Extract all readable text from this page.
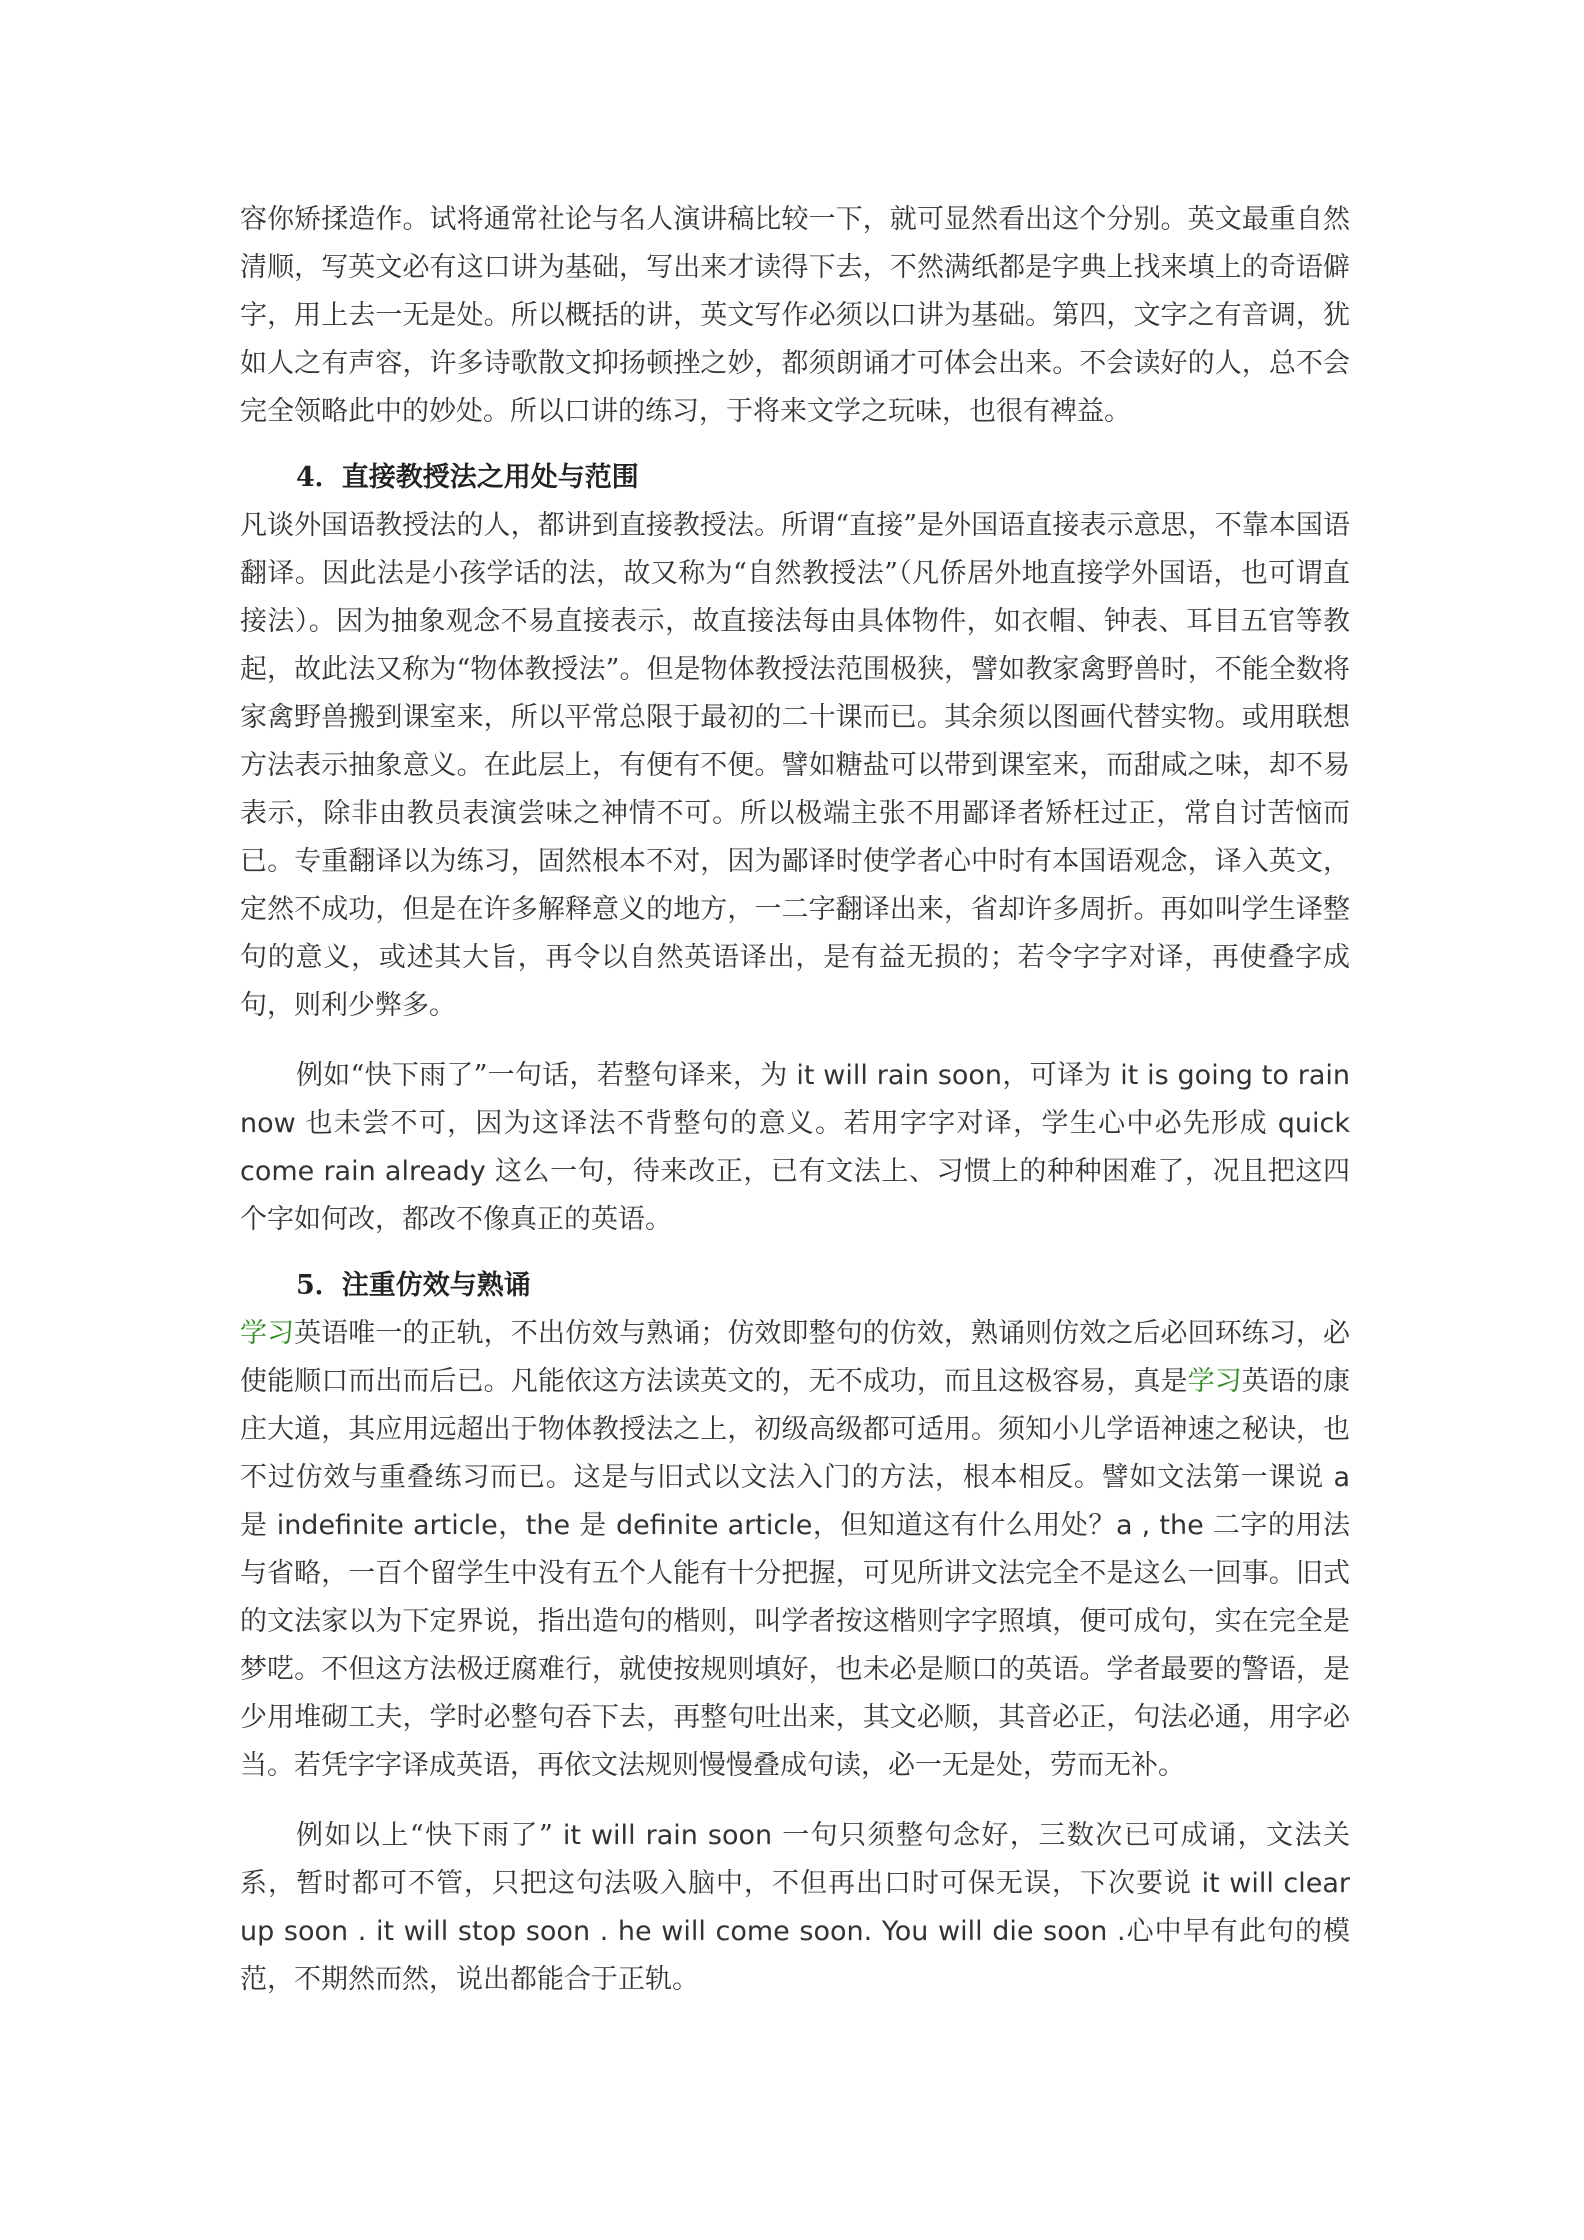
容你矫揉造作。试将通常社论与名人演讲稿比较一下，就可显然看出这个分别。英文最重自然清顺，写英文必有这口讲为基础，写出来才读得下去，不然满纸都是字典上找来填上的奇语僻字，用上去一无是处。所以概括的讲，英文写作必须以口讲为基础。第四，文字之有音调，犹如人之有声容，许多诗歌散文抑扬顿挫之妙，都须朗诵才可体会出来。不会读好的人，总不会完全领略此中的妙处。所以口讲的练习，于将来文学之玩味，也很有裨益。

4．直接教授法之用处与范围

凡谈外国语教授法的人，都讲到直接教授法。所谓“直接”是外国语直接表示意思，不靠本国语翻译。因此法是小孩学话的法，故又称为“自然教授法”（凡侨居外地直接学外国语，也可谓直接法）。因为抽象观念不易直接表示，故直接法每由具体物件，如衣帽、钟表、耳目五官等教起，故此法又称为“物体教授法”。但是物体教授法范围极狭，譬如教家禽野兽时，不能全数将家禽野兽搬到课室来，所以平常总限于最初的二十课而已。其余须以图画代替实物。或用联想方法表示抽象意义。在此层上，有便有不便。譬如糖盐可以带到课室来，而甜咸之味，却不易表示，除非由教员表演尝味之神情不可。所以极端主张不用鄙译者矫枉过正，常自讨苦恼而已。专重翻译以为练习，固然根本不对，因为鄙译时使学者心中时有本国语观念，译入英文，定然不成功，但是在许多解释意义的地方，一二字翻译出来，省却许多周折。再如叫学生译整句的意义，或述其大旨，再令以自然英语译出，是有益无损的；若令字字对译，再使叠字成句，则利少弊多。

例如“快下雨了”一句话，若整句译来，为 it will rain soon，可译为 it is going to rain now 也未尝不可，因为这译法不背整句的意义。若用字字对译，学生心中必先形成 quick come rain already 这么一句，待来改正，已有文法上、习惯上的种种困难了，况且把这四个字如何改，都改不像真正的英语。

5．注重仿效与熟诵

学习英语唯一的正轨，不出仿效与熟诵；仿效即整句的仿效，熟诵则仿效之后必回环练习，必使能顺口而出而后已。凡能依这方法读英文的，无不成功，而且这极容易，真是学习英语的康庄大道，其应用远超出于物体教授法之上，初级高级都可适用。须知小儿学语神速之秘诀，也不过仿效与重叠练习而已。这是与旧式以文法入门的方法，根本相反。譬如文法第一课说 a 是 indefinite article，the 是 definite article，但知道这有什么用处？a , the 二字的用法与省略，一百个留学生中没有五个人能有十分把握，可见所讲文法完全不是这么一回事。旧式的文法家以为下定界说，指出造句的楷则，叫学者按这楷则字字照填，便可成句，实在完全是梦呓。不但这方法极迂腐难行，就使按规则填好，也未必是顺口的英语。学者最要的警语，是少用堆砌工夫，学时必整句吞下去，再整句吐出来，其文必顺，其音必正，句法必通，用字必当。若凭字字译成英语，再依文法规则慢慢叠成句读，必一无是处，劳而无补。

例如以上“快下雨了” it will rain soon 一句只须整句念好，三数次已可成诵，文法关系，暂时都可不管，只把这句法吸入脑中，不但再出口时可保无误，下次要说 it will clear up soon . it will stop soon . he will come soon. You will die soon .心中早有此句的模范，不期然而然，说出都能合于正轨。
